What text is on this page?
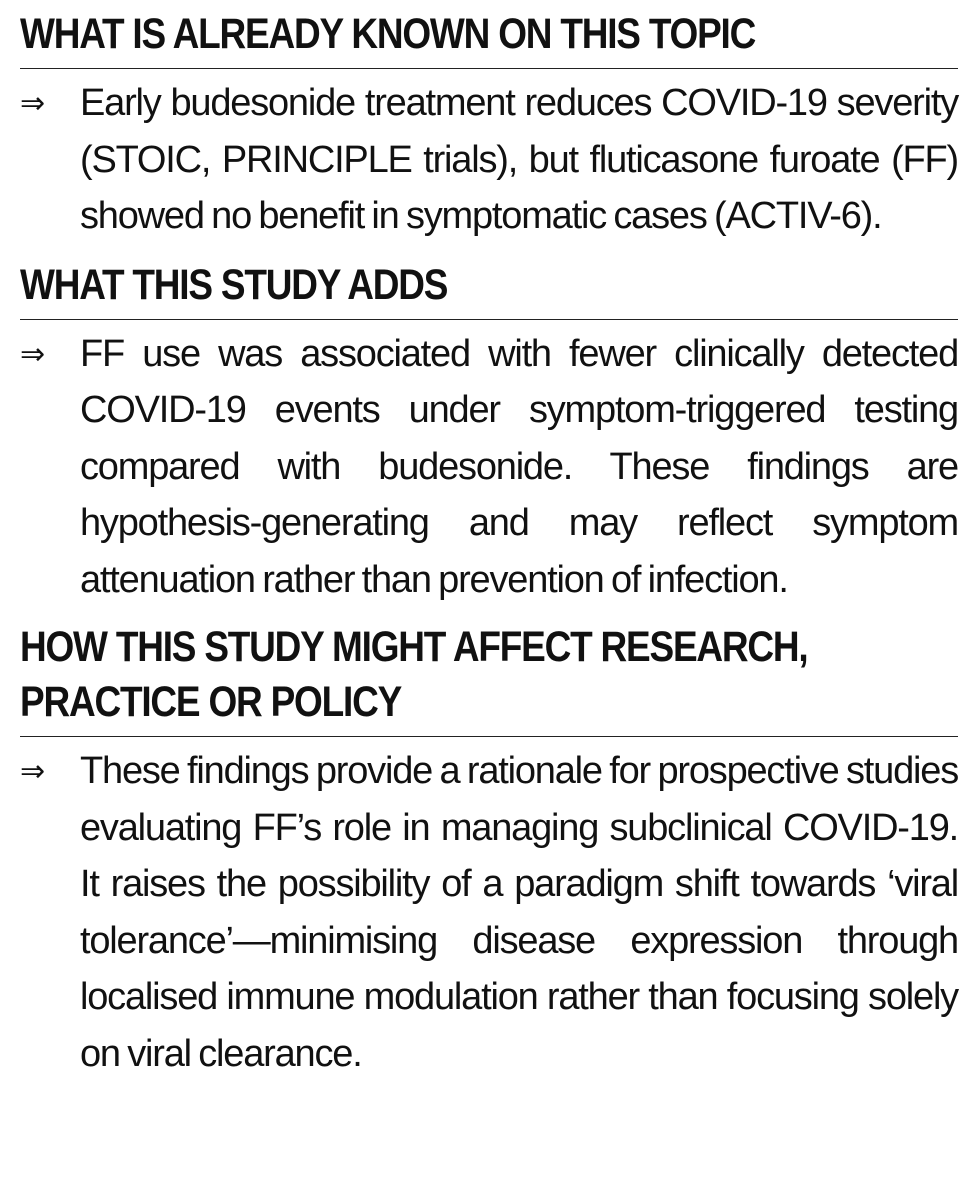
WHAT IS ALREADY KNOWN ON THIS TOPIC
⇒ Early budesonide treatment reduces COVID-19 severity (STOIC, PRINCIPLE trials), but fluticasone furoate (FF) showed no benefit in symptomatic cases (ACTIV-6).

WHAT THIS STUDY ADDS
⇒ FF use was associated with fewer clinically detected COVID-19 events under symptom-triggered testing compared with budesonide. These findings are hypothesis-generating and may reflect symptom attenuation rather than prevention of infection.

HOW THIS STUDY MIGHT AFFECT RESEARCH,
PRACTICE OR POLICY
⇒ These findings provide a rationale for prospective studies evaluating FF’s role in managing subclinical COVID-19. It raises the possibility of a paradigm shift towards ‘viral tolerance’—minimising disease expression through localised immune modulation rather than focusing solely on viral clearance.
